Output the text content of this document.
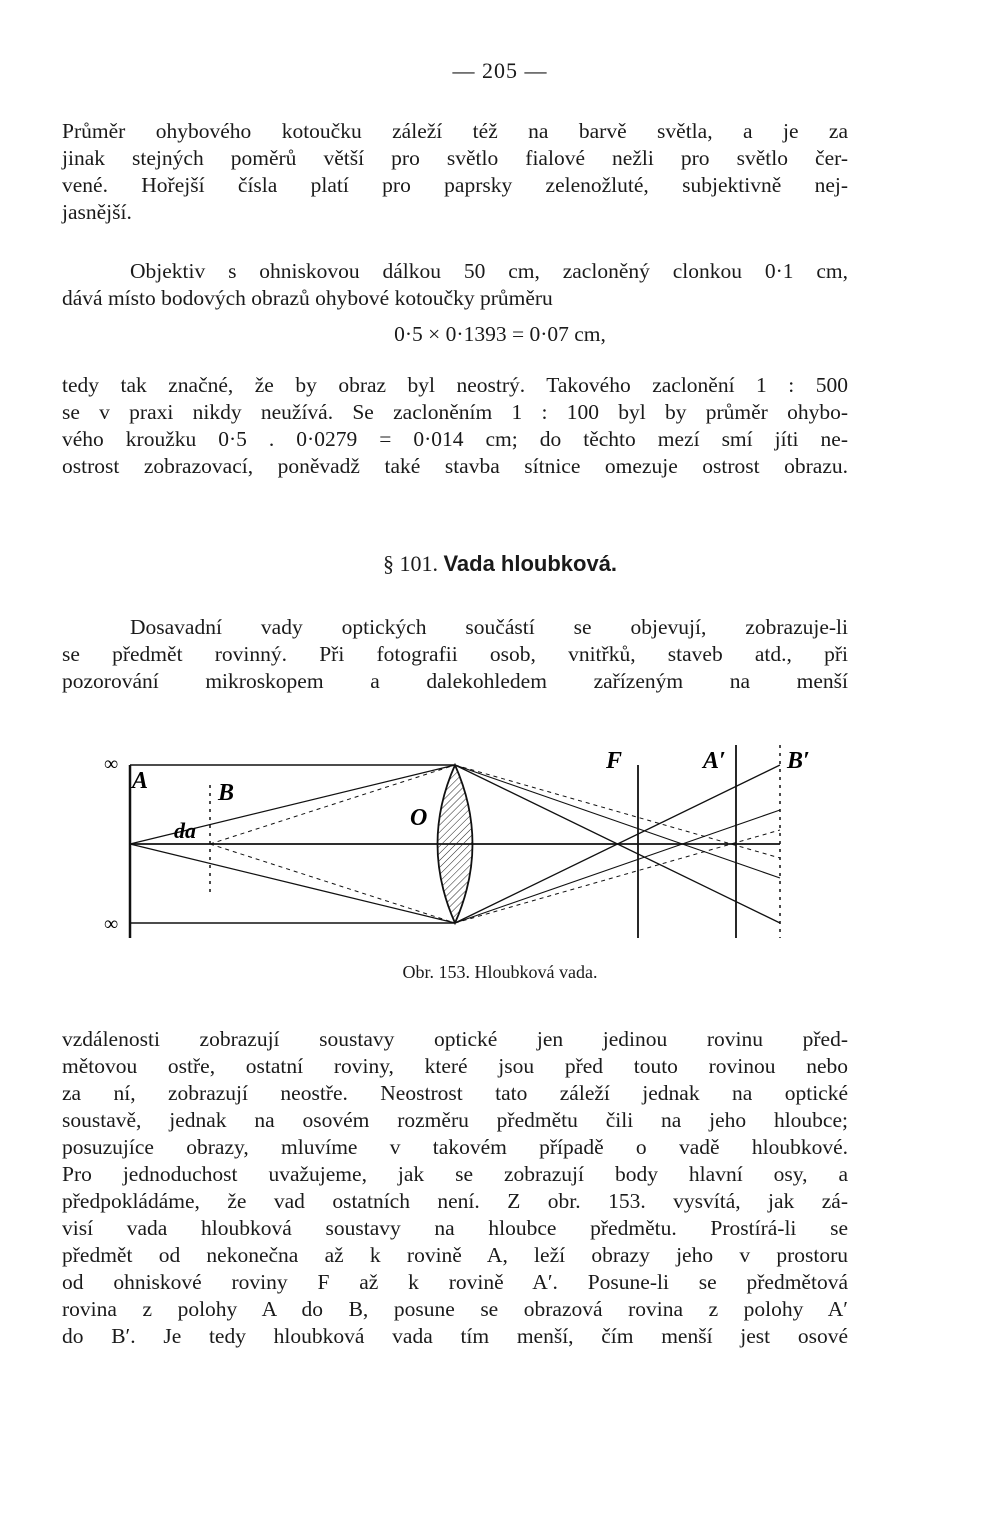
— 205 —
Průměr ohybového kotoučku záleží též na barvě světla, a je za
jinak stejných poměrů větší pro světlo fialové nežli pro světlo čer-
vené. Hořejší čísla platí pro paprsky zelenožluté, subjektivně nej-
jasnější.
Objektiv s ohniskovou dálkou 50 cm, zacloněný clonkou 0·1 cm,
dává místo bodových obrazů ohybové kotoučky průměru
0·5 × 0·1393 = 0·07 cm,
tedy tak značné, že by obraz byl neostrý. Takového zaclonění 1 : 500
se v praxi nikdy neužívá. Se zacloněním 1 : 100 byl by průměr ohybo-
vého kroužku 0·5 . 0·0279 = 0·014 cm; do těchto mezí smí jíti ne-
ostrost zobrazovací, poněvadž také stavba sítnice omezuje ostrost obrazu.
§ 101. Vada hloubková.
Dosavadní vady optických součástí se objevují, zobrazuje-li
se předmět rovinný. Při fotografii osob, vnitřků, staveb atd., při
pozorování mikroskopem a dalekohledem zařízeným na menší
∞
∞
A	B
da	O
F	A′	B′
Obr. 153. Hloubková vada.
vzdálenosti zobrazují soustavy optické jen jedinou rovinu před-
mětovou ostře, ostatní roviny, které jsou před touto rovinou nebo
za ní, zobrazují neostře. Neostrost tato záleží jednak na optické
soustavě, jednak na osovém rozměru předmětu čili na jeho hloubce;
posuzujíce obrazy, mluvíme v takovém případě o vadě hloubkové.
Pro jednoduchost uvažujeme, jak se zobrazují body hlavní osy, a
předpokládáme, že vad ostatních není. Z obr. 153. vysvítá, jak zá-
visí vada hloubková soustavy na hloubce předmětu. Prostírá-li se
předmět od nekonečna až k rovině A, leží obrazy jeho v prostoru
od ohniskové roviny F až k rovině A′. Posune-li se předmětová
rovina z polohy A do B, posune se obrazová rovina z polohy A′
do B′. Je tedy hloubková vada tím menší, čím menší jest osové
